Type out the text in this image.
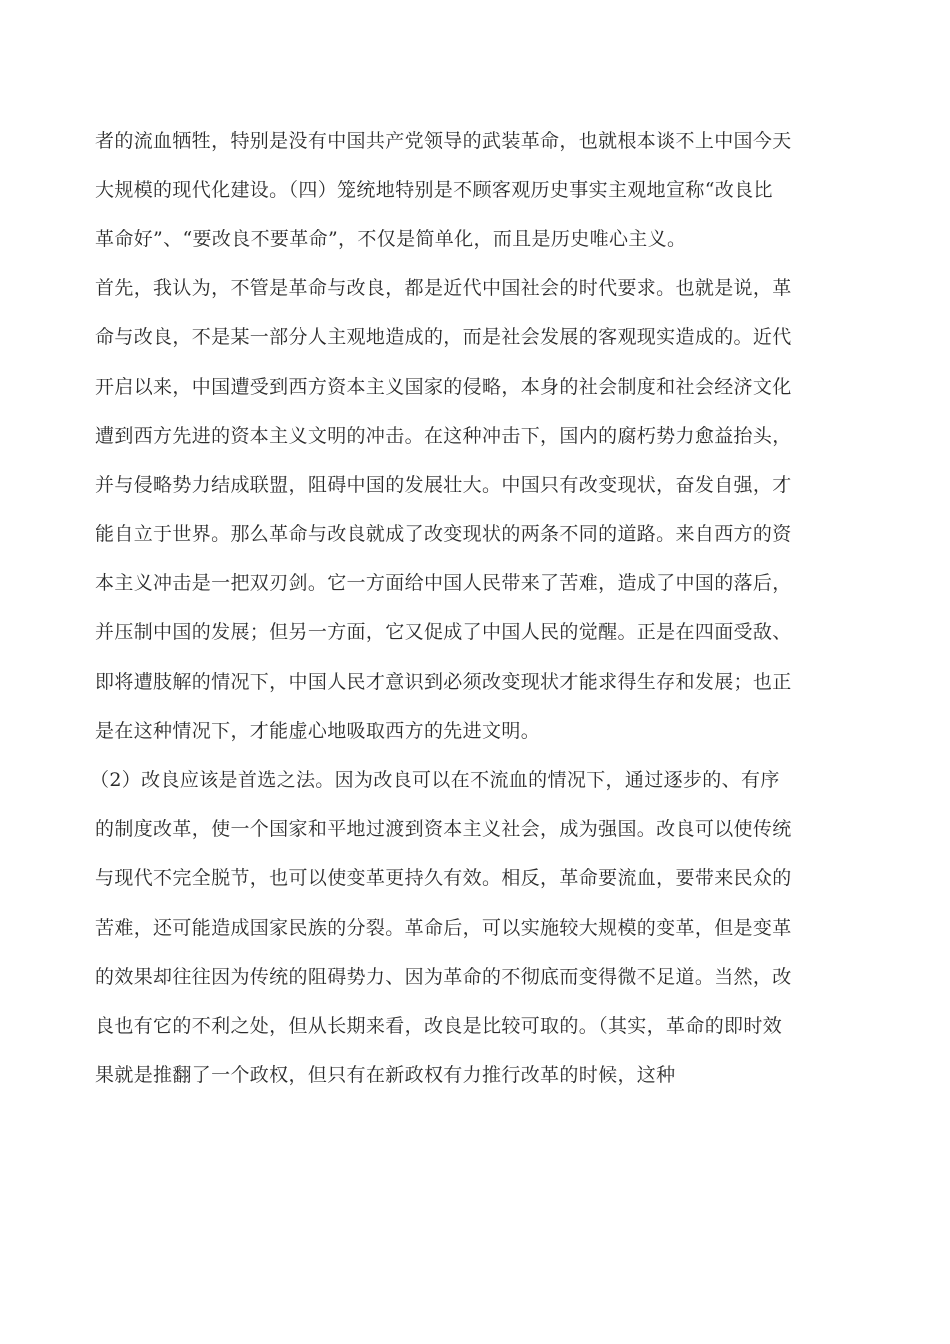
者的流血牺牲，特别是没有中国共产党领导的武装革命，也就根本谈不上中国今天

大规模的现代化建设。（四）笼统地特别是不顾客观历史事实主观地宣称“改良比

革命好”、“要改良不要革命”，不仅是简单化，而且是历史唯心主义。

首先，我认为，不管是革命与改良，都是近代中国社会的时代要求。也就是说，革

命与改良，不是某一部分人主观地造成的，而是社会发展的客观现实造成的。近代

开启以来，中国遭受到西方资本主义国家的侵略，本身的社会制度和社会经济文化

遭到西方先进的资本主义文明的冲击。在这种冲击下，国内的腐朽势力愈益抬头，

并与侵略势力结成联盟，阻碍中国的发展壮大。中国只有改变现状，奋发自强，才

能自立于世界。那么革命与改良就成了改变现状的两条不同的道路。来自西方的资

本主义冲击是一把双刃剑。它一方面给中国人民带来了苦难，造成了中国的落后，

并压制中国的发展；但另一方面，它又促成了中国人民的觉醒。正是在四面受敌、

即将遭肢解的情况下，中国人民才意识到必须改变现状才能求得生存和发展；也正

是在这种情况下，才能虚心地吸取西方的先进文明。

（2）改良应该是首选之法。因为改良可以在不流血的情况下，通过逐步的、有序

的制度改革，使一个国家和平地过渡到资本主义社会，成为强国。改良可以使传统

与现代不完全脱节，也可以使变革更持久有效。相反，革命要流血，要带来民众的

苦难，还可能造成国家民族的分裂。革命后，可以实施较大规模的变革，但是变革

的效果却往往因为传统的阻碍势力、因为革命的不彻底而变得微不足道。当然，改

良也有它的不利之处，但从长期来看，改良是比较可取的。（其实，革命的即时效

果就是推翻了一个政权，但只有在新政权有力推行改革的时候，这种
